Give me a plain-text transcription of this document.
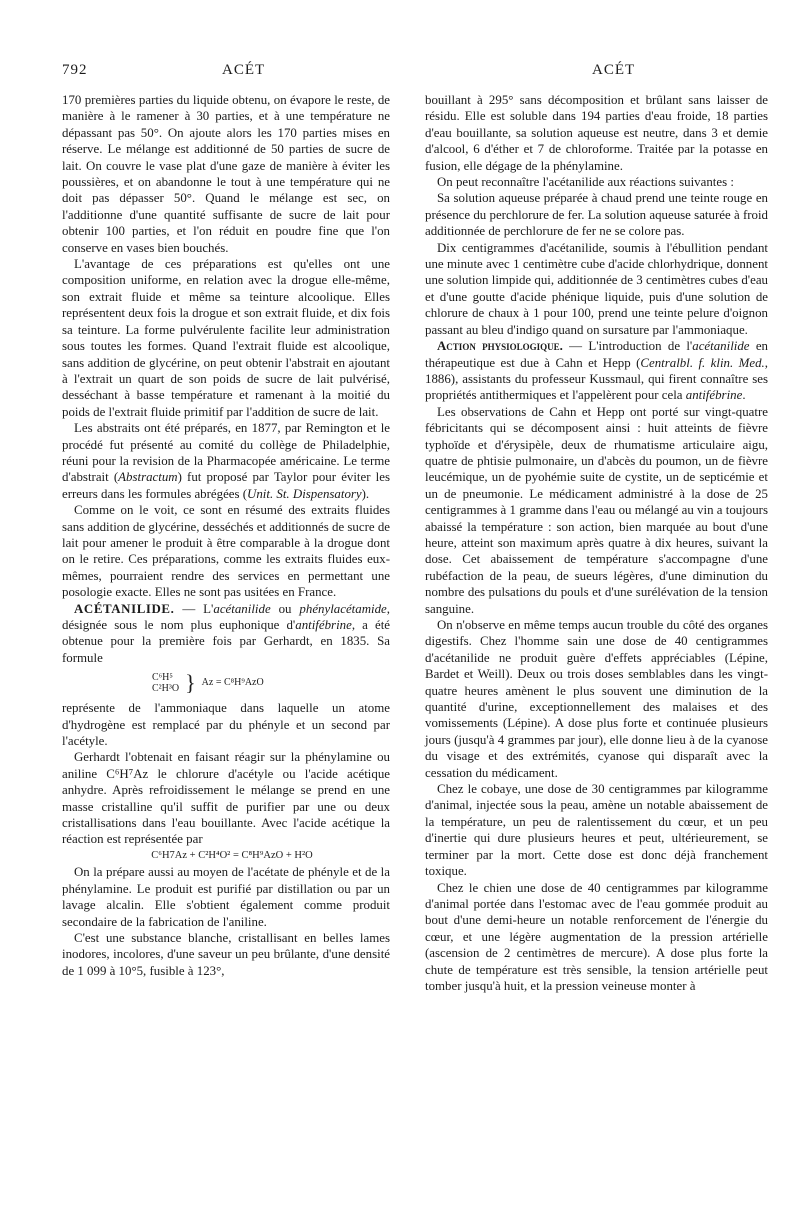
792	ACÉT	ACÉT

170 premières parties du liquide obtenu, on évapore le reste, de manière à le ramener à 30 parties, et à une température ne dépassant pas 50°. On ajoute alors les 170 parties mises en réserve. Le mélange est additionné de 50 parties de sucre de lait. On couvre le vase plat d'une gaze de manière à éviter les poussières, et on abandonne le tout à une température qui ne doit pas dépasser 50°. Quand le mélange est sec, on l'additionne d'une quantité suffisante de sucre de lait pour obtenir 100 parties, et l'on réduit en poudre fine que l'on conserve en vases bien bouchés.

L'avantage de ces préparations est qu'elles ont une composition uniforme, en relation avec la drogue elle-même, son extrait fluide et même sa teinture alcoolique. Elles représentent deux fois la drogue et son extrait fluide, et dix fois sa teinture. La forme pulvérulente facilite leur administration sous toutes les formes. Quand l'extrait fluide est alcoolique, sans addition de glycérine, on peut obtenir l'abstrait en ajoutant à l'extrait un quart de son poids de sucre de lait pulvérisé, desséchant à basse température et ramenant à la moitié du poids de l'extrait fluide primitif par l'addition de sucre de lait.

Les abstraits ont été préparés, en 1877, par Remington et le procédé fut présenté au comité du collège de Philadelphie, réuni pour la revision de la Pharmacopée américaine. Le terme d'abstrait (Abstractum) fut proposé par Taylor pour éviter les erreurs dans les formules abrégées (Unit. St. Dispensatory).

Comme on le voit, ce sont en résumé des extraits fluides sans addition de glycérine, desséchés et additionnés de sucre de lait pour amener le produit à être comparable à la drogue dont on le retire. Ces préparations, comme les extraits fluides eux-mêmes, pourraient rendre des services en permettant une posologie exacte. Elles ne sont pas usitées en France.

ACÉTANILIDE. — L'acétanilide ou phénylacétamide, désignée sous le nom plus euphonique d'antifébrine, a été obtenue pour la première fois par Gerhardt, en 1835. Sa formule

C⁶H⁵
C²H³O } Az = C⁸H⁹AzO

représente de l'ammoniaque dans laquelle un atome d'hydrogène est remplacé par du phényle et un second par l'acétyle.

Gerhardt l'obtenait en faisant réagir sur la phénylamine ou aniline C⁶H⁷Az le chlorure d'acétyle ou l'acide acétique anhydre. Après refroidissement le mélange se prend en une masse cristalline qu'il suffit de purifier par une ou deux cristallisations dans l'eau bouillante. Avec l'acide acétique la réaction est représentée par

C⁶H7Az + C²H⁴O² = C⁸H⁹AzO + H²O

On la prépare aussi au moyen de l'acétate de phényle et de la phénylamine. Le produit est purifié par distillation ou par un lavage alcalin. Elle s'obtient également comme produit secondaire de la fabrication de l'aniline.

C'est une substance blanche, cristallisant en belles lames inodores, incolores, d'une saveur un peu brûlante, d'une densité de 1 099 à 10°5, fusible à 123°,

bouillant à 295° sans décomposition et brûlant sans laisser de résidu. Elle est soluble dans 194 parties d'eau froide, 18 parties d'eau bouillante, sa solution aqueuse est neutre, dans 3 et demie d'alcool, 6 d'éther et 7 de chloroforme. Traitée par la potasse en fusion, elle dégage de la phénylamine.

On peut reconnaître l'acétanilide aux réactions suivantes :

Sa solution aqueuse préparée à chaud prend une teinte rouge en présence du perchlorure de fer. La solution aqueuse saturée à froid additionnée de perchlorure de fer ne se colore pas.

Dix centigrammes d'acétanilide, soumis à l'ébullition pendant une minute avec 1 centimètre cube d'acide chlorhydrique, donnent une solution limpide qui, additionnée de 3 centimètres cubes d'eau et d'une goutte d'acide phénique liquide, puis d'une solution de chlorure de chaux à 1 pour 100, prend une teinte pelure d'oignon passant au bleu d'indigo quand on sursature par l'ammoniaque.

Action physiologique. — L'introduction de l'acétanilide en thérapeutique est due à Cahn et Hepp (Centralbl. f. klin. Med., 1886), assistants du professeur Kussmaul, qui firent connaître ses propriétés antithermiques et l'appelèrent pour cela antifébrine.

Les observations de Cahn et Hepp ont porté sur vingt-quatre fébricitants qui se décomposent ainsi : huit atteints de fièvre typhoïde et d'érysipèle, deux de rhumatisme articulaire aigu, quatre de phtisie pulmonaire, un d'abcès du poumon, un de fièvre leucémique, un de pyohémie suite de cystite, un de septicémie et un de pneumonie. Le médicament administré à la dose de 25 centigrammes à 1 gramme dans l'eau ou mélangé au vin a toujours abaissé la température : son action, bien marquée au bout d'une heure, atteint son maximum après quatre à dix heures, suivant la dose. Cet abaissement de température s'accompagne d'une rubéfaction de la peau, de sueurs légères, d'une diminution du nombre des pulsations du pouls et d'une surélévation de la tension sanguine.

On n'observe en même temps aucun trouble du côté des organes digestifs. Chez l'homme sain une dose de 40 centigrammes d'acétanilide ne produit guère d'effets appréciables (Lépine, Bardet et Weill). Deux ou trois doses semblables dans les vingt-quatre heures amènent le plus souvent une diminution de la quantité d'urine, exceptionnellement des malaises et des vomissements (Lépine). A dose plus forte et continuée plusieurs jours (jusqu'à 4 grammes par jour), elle donne lieu à de la cyanose du visage et des extrémités, cyanose qui disparaît avec la cessation du médicament.

Chez le cobaye, une dose de 30 centigrammes par kilogramme d'animal, injectée sous la peau, amène un notable abaissement de la température, un peu de ralentissement du cœur, et un peu d'inertie qui dure plusieurs heures et peut, ultérieurement, se terminer par la mort. Cette dose est donc déjà franchement toxique.

Chez le chien une dose de 40 centigrammes par kilogramme d'animal portée dans l'estomac avec de l'eau gommée produit au bout d'une demi-heure un notable renforcement de l'énergie du cœur, et une légère augmentation de la pression artérielle (ascension de 2 centimètres de mercure). A dose plus forte la chute de température est très sensible, la tension artérielle peut tomber jusqu'à huit, et la pression veineuse monter à
